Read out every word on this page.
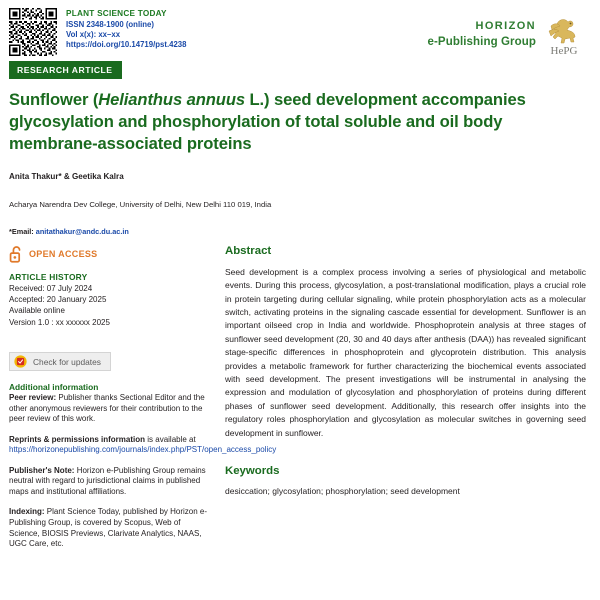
PLANT SCIENCE TODAY
ISSN 2348-1900 (online)
Vol x(x): xx–xx
https://doi.org/10.14719/pst.4238
HORIZON
e-Publishing Group
HePG
RESEARCH ARTICLE
Sunflower (Helianthus annuus L.) seed development accompanies glycosylation and phosphorylation of total soluble and oil body membrane-associated proteins
Anita Thakur* & Geetika Kalra
Acharya Narendra Dev College, University of Delhi, New Delhi 110 019, India
*Email: anitathakur@andc.du.ac.in
OPEN ACCESS
ARTICLE HISTORY
Received: 07 July 2024
Accepted: 20 January 2025
Available online
Version 1.0 : xx xxxxxx 2025
Check for updates
Additional information
Peer review: Publisher thanks Sectional Editor and the other anonymous reviewers for their contribution to the peer review of this work.
Reprints & permissions information is available at https://horizonepublishing.com/journals/index.php/PST/open_access_policy
Publisher's Note: Horizon e-Publishing Group remains neutral with regard to jurisdictional claims in published maps and institutional affiliations.
Indexing: Plant Science Today, published by Horizon e-Publishing Group, is covered by Scopus, Web of Science, BIOSIS Previews, Clarivate Analytics, NAAS, UGC Care, etc.
Abstract
Seed development is a complex process involving a series of physiological and metabolic events. During this process, glycosylation, a post-translational modification, plays a crucial role in protein targeting during cellular signaling, while protein phosphorylation acts as a molecular switch, activating proteins in the signaling cascade essential for development. Sunflower is an important oilseed crop in India and worldwide. Phosphoprotein analysis at three stages of sunflower seed development (20, 30 and 40 days after anthesis (DAA)) has revealed significant stage-specific differences in phosphoprotein and glycoprotein distribution. This analysis provides a metabolic framework for further characterizing the biochemical events associated with seed development. The present investigations will be instrumental in analysing the expression and modulation of glycosylation and phosphorylation of proteins during different phases of sunflower seed development. Additionally, this research offer insights into the regulatory roles phosphorylation and glycosylation as molecular switches in governing seed development in sunflower.
Keywords
desiccation; glycosylation; phosphorylation; seed development
